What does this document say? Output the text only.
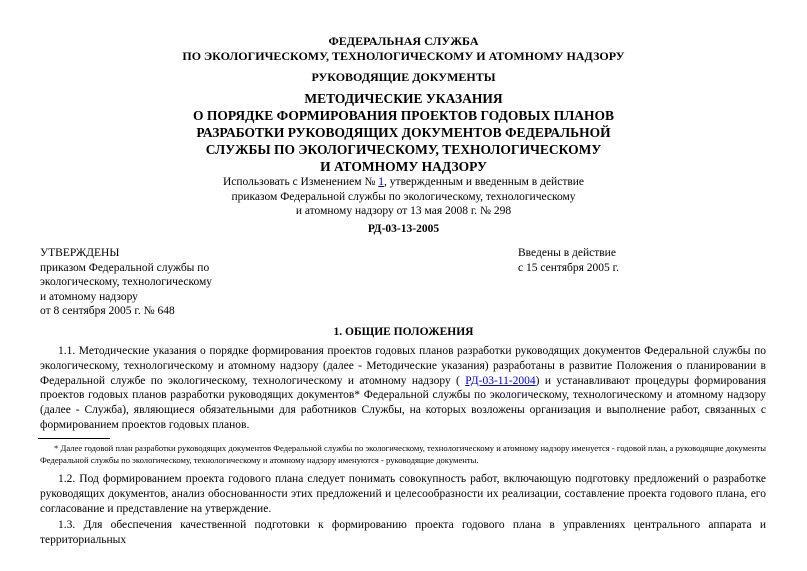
ФЕДЕРАЛЬНАЯ СЛУЖБА
ПО ЭКОЛОГИЧЕСКОМУ, ТЕХНОЛОГИЧЕСКОМУ И АТОМНОМУ НАДЗОРУ
РУКОВОДЯЩИЕ ДОКУМЕНТЫ
МЕТОДИЧЕСКИЕ УКАЗАНИЯ
О ПОРЯДКЕ ФОРМИРОВАНИЯ ПРОЕКТОВ ГОДОВЫХ ПЛАНОВ
РАЗРАБОТКИ РУКОВОДЯЩИХ ДОКУМЕНТОВ ФЕДЕРАЛЬНОЙ
СЛУЖБЫ ПО ЭКОЛОГИЧЕСКОМУ, ТЕХНОЛОГИЧЕСКОМУ
И АТОМНОМУ НАДЗОРУ
Использовать с Изменением № 1, утвержденным и введенным в действие
приказом Федеральной службы по экологическому, технологическому
и атомному надзору от 13 мая 2008 г. № 298
РД-03-13-2005
УТВЕРЖДЕНЫ
приказом Федеральной службы по
экологическому, технологическому
и атомному надзору
от 8 сентября 2005 г. № 648
Введены в действие
с 15 сентября 2005 г.
1. ОБЩИЕ ПОЛОЖЕНИЯ
1.1. Методические указания о порядке формирования проектов годовых планов разработки руководящих документов Федеральной службы по экологическому, технологическому и атомному надзору (далее - Методические указания) разработаны в развитие Положения о планировании в Федеральной службе по экологическому, технологическому и атомному надзору ( РД-03-11-2004) и устанавливают процедуры формирования проектов годовых планов разработки руководящих документов* Федеральной службы по экологическому, технологическому и атомному надзору (далее - Служба), являющиеся обязательными для работников Службы, на которых возложены организация и выполнение работ, связанных с формированием проектов годовых планов.
* Далее годовой план разработки руководящих документов Федеральной службы по экологическому, технологическому и атомному надзору именуется - годовой план, а руководящие документы Федеральной службы по экологическому, технологическому и атомному надзору именуются - руководящие документы.
1.2. Под формированием проекта годового плана следует понимать совокупность работ, включающую подготовку предложений о разработке руководящих документов, анализ обоснованности этих предложений и целесообразности их реализации, составление проекта годового плана, его согласование и представление на утверждение.
1.3. Для обеспечения качественной подготовки к формированию проекта годового плана в управлениях центрального аппарата и территориальных
